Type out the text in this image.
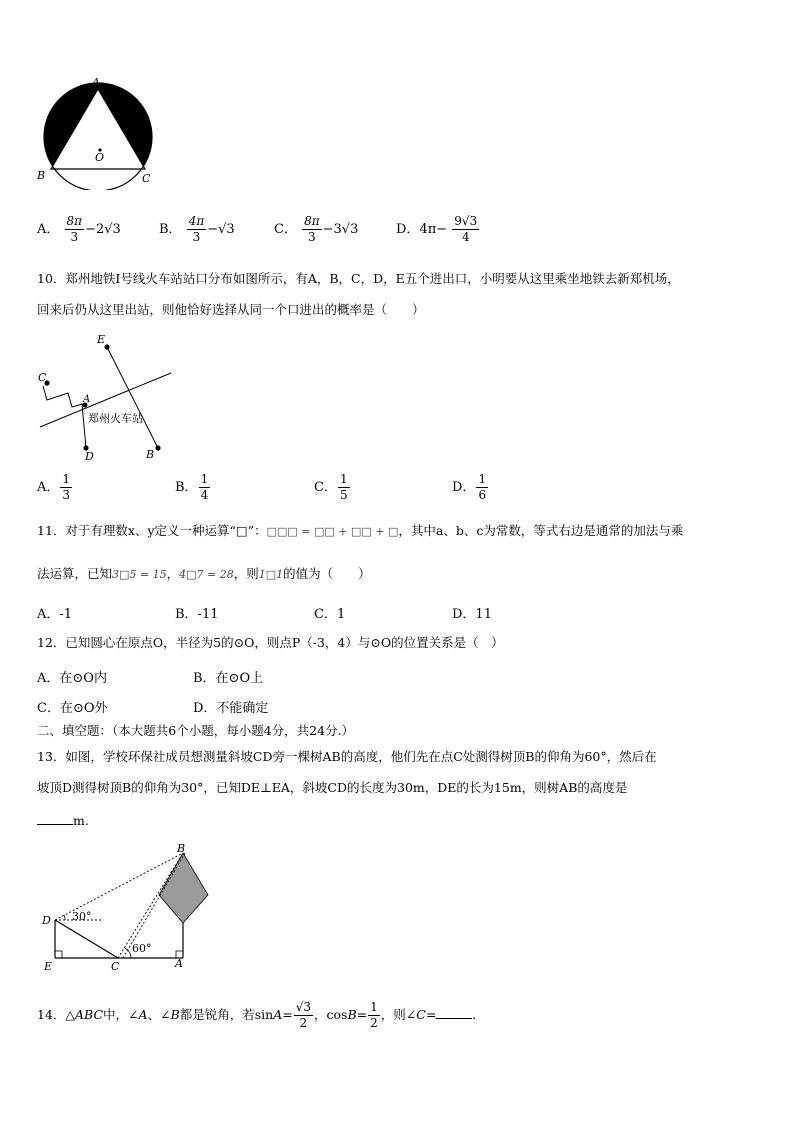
A
O
B	C
A． $\frac{8\pi}{3} -2√3$	B． $\frac{4\pi}{3} -√3$	C． $\frac{8\pi}{3} -3√3$	D．$4\pi- \frac{9√3}{4}$
10．郑州地铁Ⅰ号线火车站站口分布如图所示，有A，B，C，D，E五个进出口，小明要从这里乘坐地铁去新郑机场，
回来后仍从这里出站，则他恰好选择从同一个口进出的概率是（　　）
C
E
A
D	B
郑州火车站
A． $\frac{1}{3}$	B． $\frac{1}{4}$	C． $\frac{1}{5}$	D． $\frac{1}{6}$
11．对于有理数x、y定义一种运算“□”：□□□ = □□ + □□ + □，其中a、b、c为常数，等式右边是通常的加法与乘
法运算，已知3□5 = 15，4□7 = 28，则1□1的值为（　　）
A．-1	B．-11	C．1	D．11
12．已知圆心在原点O，半径为5的⊙O，则点P（-3，4）与⊙O的位置关系是（　）
A．在⊙O内	B．在⊙O上
C．在⊙O外	D．不能确定
二、填空题：（本大题共6个小题，每小题4分，共24分.）
13．如图，学校环保社成员想测量斜坡CD旁一棵树AB的高度，他们先在点C处测得树顶B的仰角为60°，然后在
坡顶D测得树顶B的仰角为30°，已知DE⊥EA，斜坡CD的长度为30m，DE的长为15m，则树AB的高度是
m.
B
D
E	C	A
30°
60°
14．△ABC中，∠A、∠B都是锐角，若$\sin A= \frac{√3}{2}$ ，$\cos B= \frac{1}{2}$ ，则∠C=	.
